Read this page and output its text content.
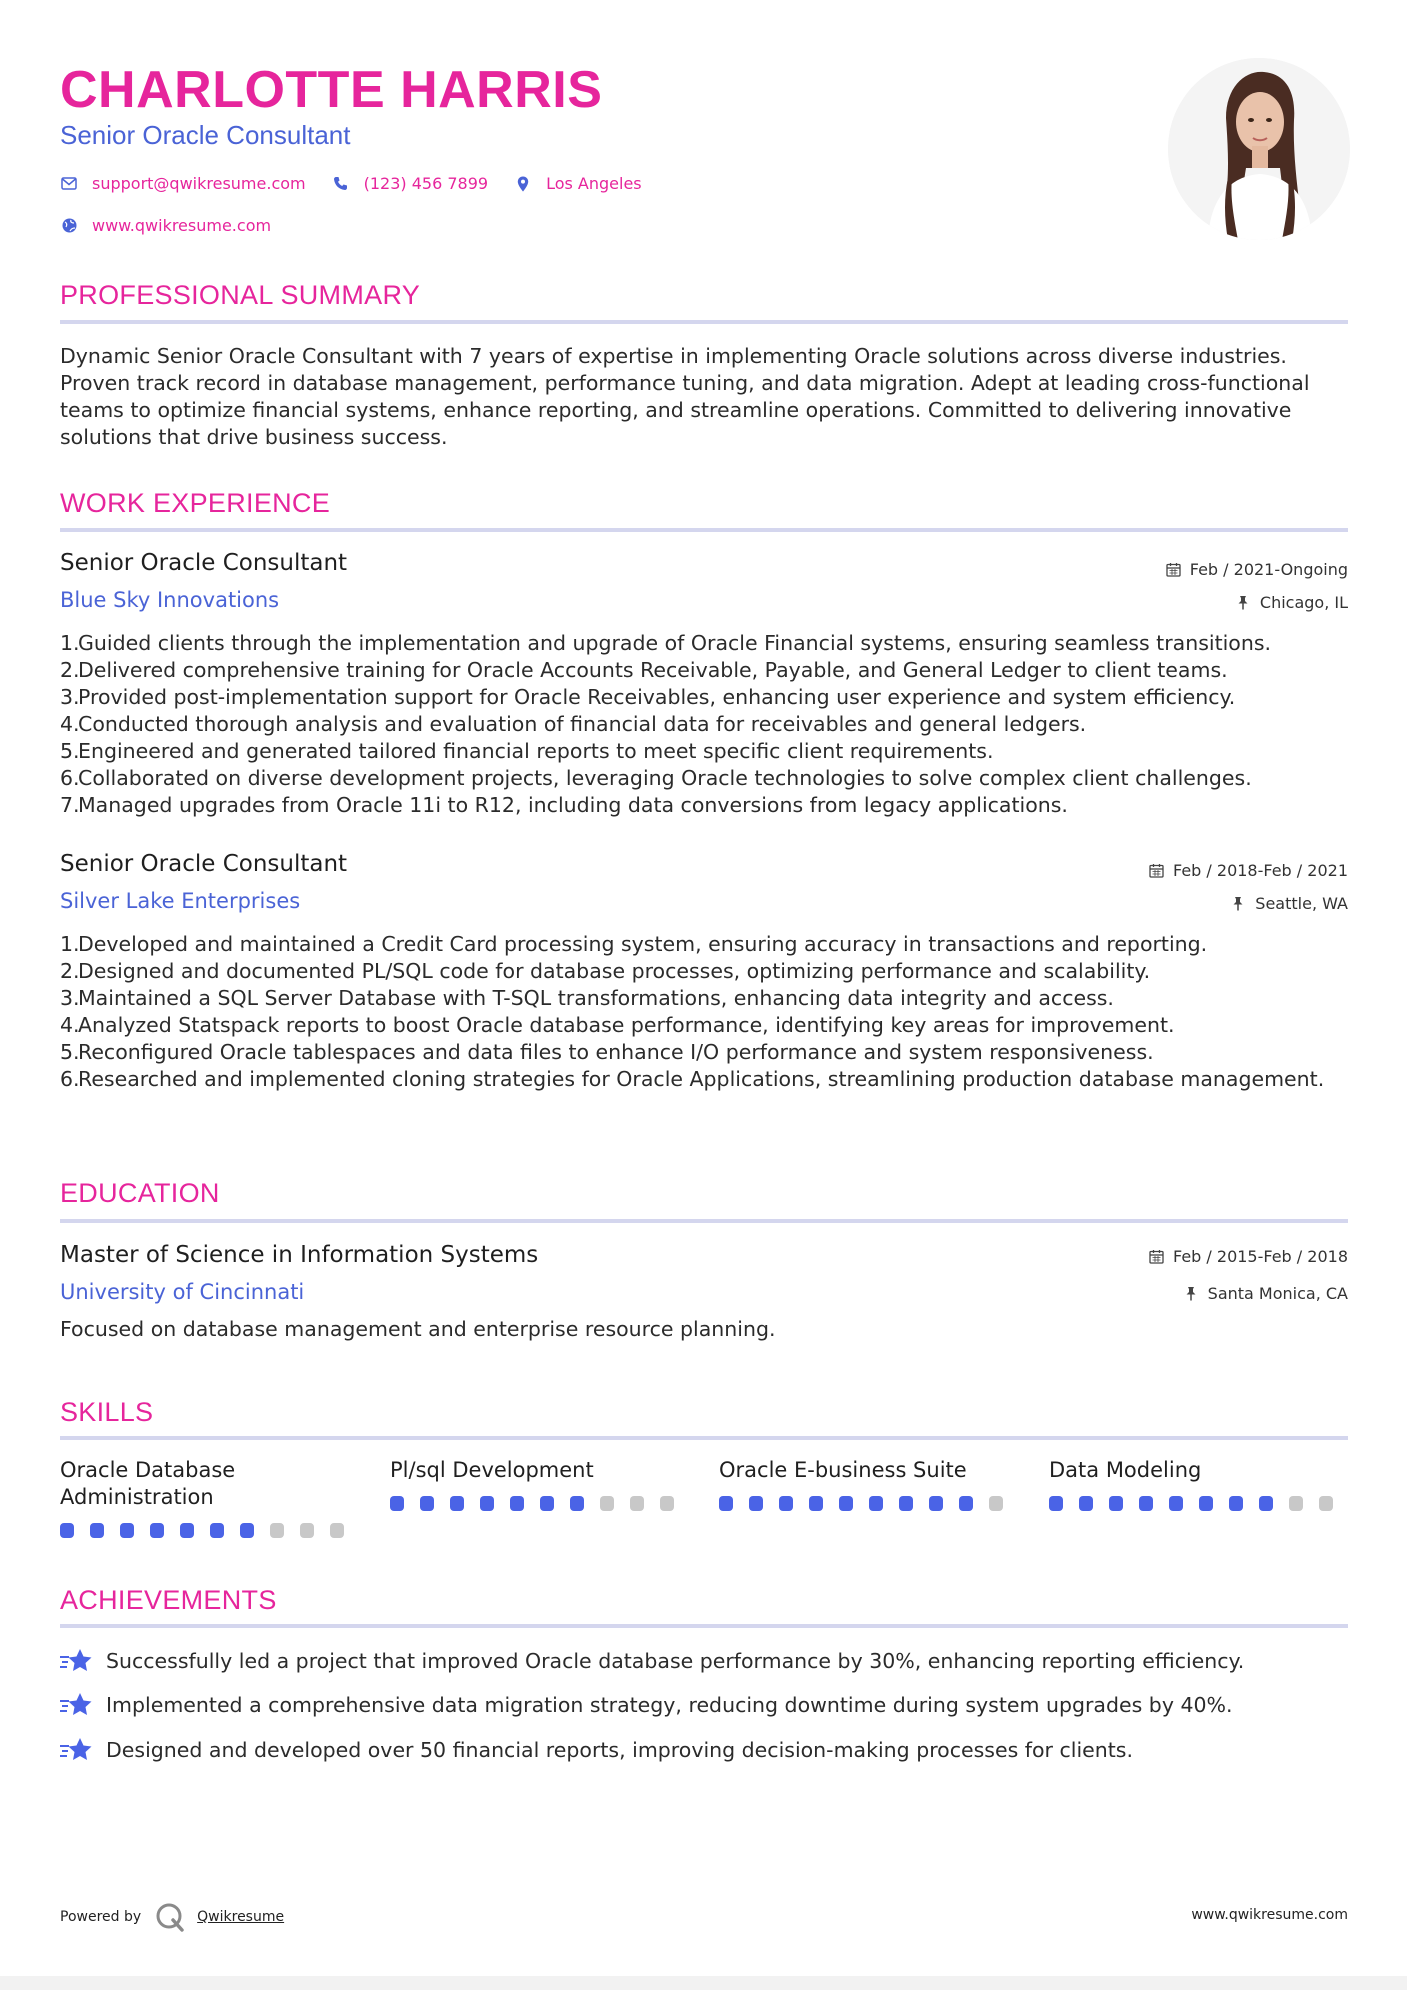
CHARLOTTE HARRIS
Senior Oracle Consultant
support@qwikresume.com	(123) 456 7899	Los Angeles
www.qwikresume.com
PROFESSIONAL SUMMARY
Dynamic Senior Oracle Consultant with 7 years of expertise in implementing Oracle solutions across diverse industries. Proven track record in database management, performance tuning, and data migration. Adept at leading cross-functional teams to optimize financial systems, enhance reporting, and streamline operations. Committed to delivering innovative solutions that drive business success.
WORK EXPERIENCE
Senior Oracle Consultant	Feb / 2021-Ongoing
Blue Sky Innovations	Chicago, IL
1.
Guided clients through the implementation and upgrade of Oracle Financial systems, ensuring seamless transitions.
2.
Delivered comprehensive training for Oracle Accounts Receivable, Payable, and General Ledger to client teams.
3.
Provided post-implementation support for Oracle Receivables, enhancing user experience and system efficiency.
4.
Conducted thorough analysis and evaluation of financial data for receivables and general ledgers.
5.
Engineered and generated tailored financial reports to meet specific client requirements.
6.
Collaborated on diverse development projects, leveraging Oracle technologies to solve complex client challenges.
7.
Managed upgrades from Oracle 11i to R12, including data conversions from legacy applications.
Senior Oracle Consultant	Feb / 2018-Feb / 2021
Silver Lake Enterprises	Seattle, WA
1.
Developed and maintained a Credit Card processing system, ensuring accuracy in transactions and reporting.
2.
Designed and documented PL/SQL code for database processes, optimizing performance and scalability.
3.
Maintained a SQL Server Database with T-SQL transformations, enhancing data integrity and access.
4.
Analyzed Statspack reports to boost Oracle database performance, identifying key areas for improvement.
5.
Reconfigured Oracle tablespaces and data files to enhance I/O performance and system responsiveness.
6.
Researched and implemented cloning strategies for Oracle Applications, streamlining production database management.
EDUCATION
Master of Science in Information Systems	Feb / 2015-Feb / 2018
University of Cincinnati	Santa Monica, CA
Focused on database management and enterprise resource planning.
SKILLS
Oracle Database Administration
Pl/sql Development	Oracle E-business Suite	Data Modeling
ACHIEVEMENTS
Successfully led a project that improved Oracle database performance by 30%, enhancing reporting efficiency.
Implemented a comprehensive data migration strategy, reducing downtime during system upgrades by 40%.
Designed and developed over 50 financial reports, improving decision-making processes for clients.
Powered by	Qwikresume	www.qwikresume.com
